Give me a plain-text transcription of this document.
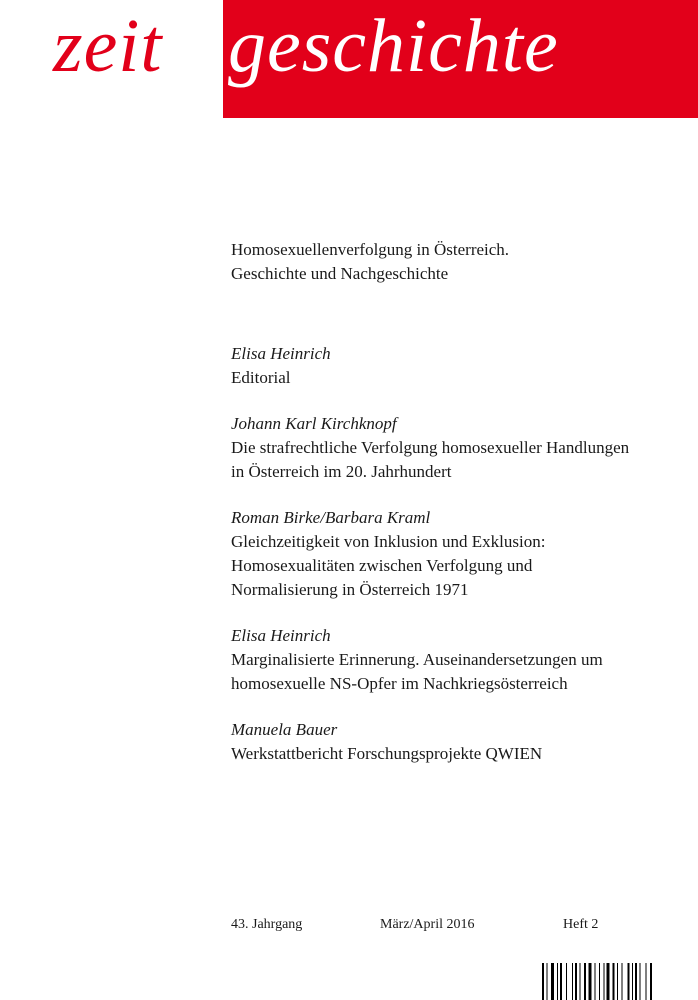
zeit geschichte
Homosexuellenverfolgung in Österreich.
Geschichte und Nachgeschichte
Elisa Heinrich
Editorial
Johann Karl Kirchknopf
Die strafrechtliche Verfolgung homosexueller Handlungen
in Österreich im 20. Jahrhundert
Roman Birke/Barbara Kraml
Gleichzeitigkeit von Inklusion und Exklusion:
Homosexualitäten zwischen Verfolgung und
Normalisierung in Österreich 1971
Elisa Heinrich
Marginalisierte Erinnerung. Auseinandersetzungen um
homosexuelle NS-Opfer im Nachkriegsösterreich
Manuela Bauer
Werkstattbericht Forschungsprojekte QWIEN
43. Jahrgang	März/April 2016	Heft 2
